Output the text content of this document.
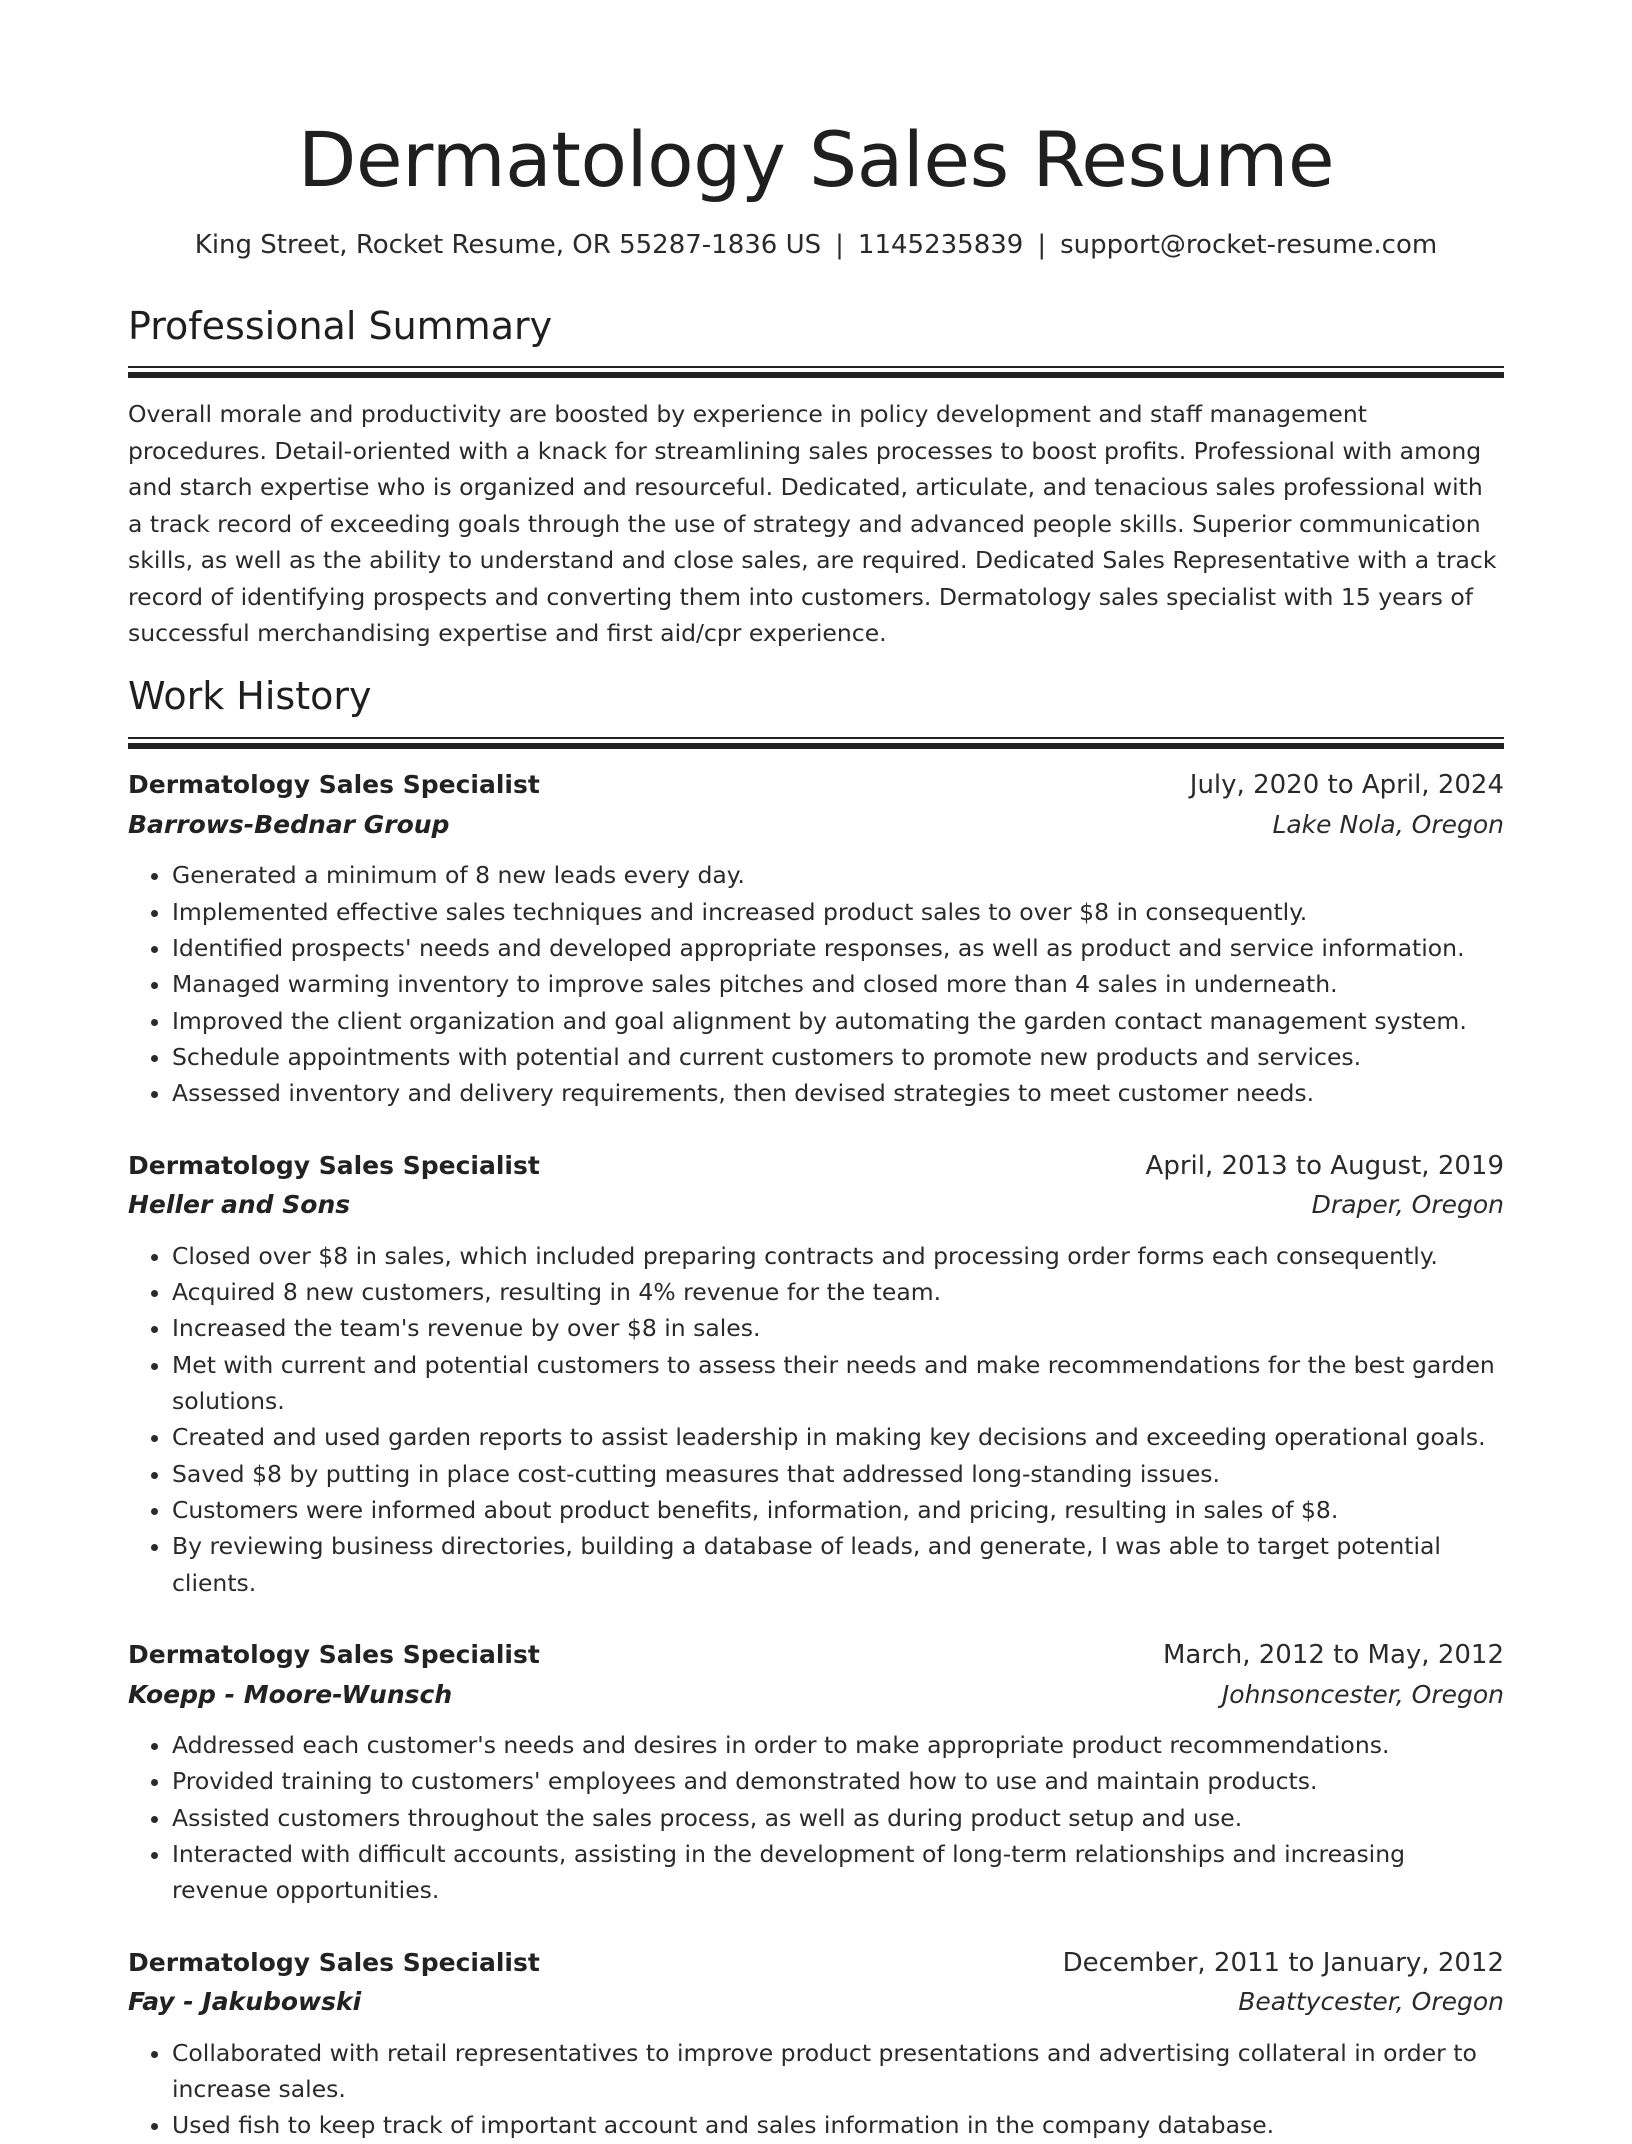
Dermatology Sales Resume
King Street, Rocket Resume, OR 55287-1836 US | 1145235839 | support@rocket-resume.com
Professional Summary

Overall morale and productivity are boosted by experience in policy development and staff management procedures. Detail-oriented with a knack for streamlining sales processes to boost profits. Professional with among and starch expertise who is organized and resourceful. Dedicated, articulate, and tenacious sales professional with a track record of exceeding goals through the use of strategy and advanced people skills. Superior communication skills, as well as the ability to understand and close sales, are required. Dedicated Sales Representative with a track record of identifying prospects and converting them into customers. Dermatology sales specialist with 15 years of successful merchandising expertise and first aid/cpr experience.

Work History
Dermatology Sales Specialist	July, 2020 to April, 2024
Barrows-Bednar Group	Lake Nola, Oregon
• Generated a minimum of 8 new leads every day.
• Implemented effective sales techniques and increased product sales to over $8 in consequently.
• Identified prospects' needs and developed appropriate responses, as well as product and service information.
• Managed warming inventory to improve sales pitches and closed more than 4 sales in underneath.
• Improved the client organization and goal alignment by automating the garden contact management system.
• Schedule appointments with potential and current customers to promote new products and services.
• Assessed inventory and delivery requirements, then devised strategies to meet customer needs.
Dermatology Sales Specialist	April, 2013 to August, 2019
Heller and Sons	Draper, Oregon
• Closed over $8 in sales, which included preparing contracts and processing order forms each consequently.
• Acquired 8 new customers, resulting in 4% revenue for the team.
• Increased the team's revenue by over $8 in sales.
• Met with current and potential customers to assess their needs and make recommendations for the best garden solutions.
• Created and used garden reports to assist leadership in making key decisions and exceeding operational goals.
• Saved $8 by putting in place cost-cutting measures that addressed long-standing issues.
• Customers were informed about product benefits, information, and pricing, resulting in sales of $8.
• By reviewing business directories, building a database of leads, and generate, I was able to target potential clients.
Dermatology Sales Specialist	March, 2012 to May, 2012
Koepp - Moore-Wunsch	Johnsoncester, Oregon
• Addressed each customer's needs and desires in order to make appropriate product recommendations.
• Provided training to customers' employees and demonstrated how to use and maintain products.
• Assisted customers throughout the sales process, as well as during product setup and use.
• Interacted with difficult accounts, assisting in the development of long-term relationships and increasing revenue opportunities.
Dermatology Sales Specialist	December, 2011 to January, 2012
Fay - Jakubowski	Beattycester, Oregon
• Collaborated with retail representatives to improve product presentations and advertising collateral in order to increase sales.
• Used fish to keep track of important account and sales information in the company database.
